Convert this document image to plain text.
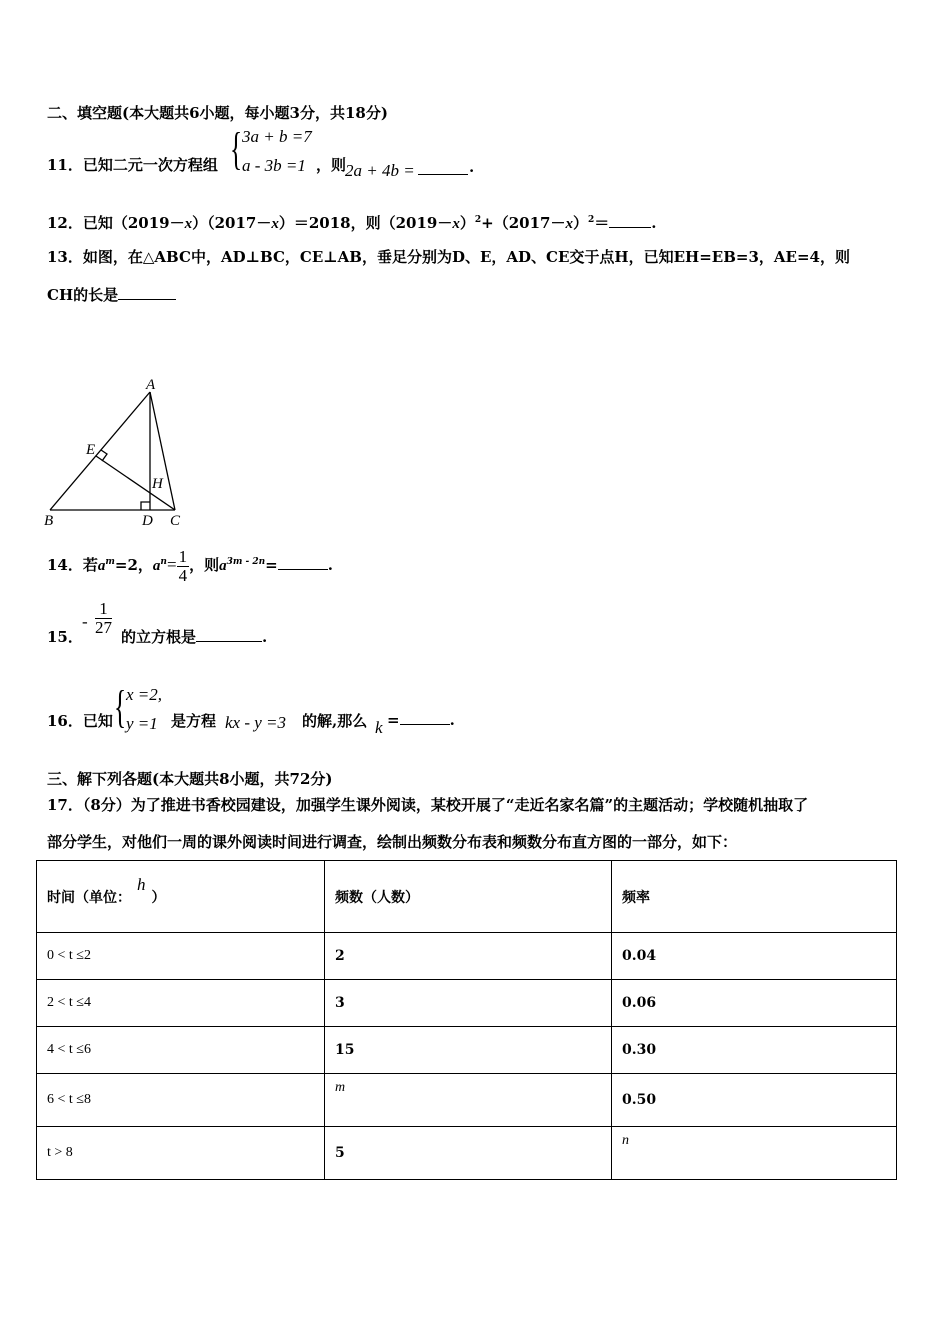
二、填空题(本大题共6小题，每小题3分，共18分)
11．已知二元一次方程组 { 3a + b =7
a - 3b =1 ，则
2a + 4b =	.
12．已知（2019－x）（2017－x）＝2018，则$(2019-x)^2+(2017-x)^2=$	.
13．如图，在△ABC中，AD⊥BC，CE⊥AB，垂足分别为D、E，AD、CE交于点H，已知EH=EB=3，AE=4，则
CH的长是
A
B	C
D
E
H
14．若$a^m=2$，$a^n= \frac{1}{4}$ ，则$a^{3m - 2n}=$	.
15．
- $\frac{1}{27}$ 的立方根是	.
16．已知 { x =2,
y =1 是方程 kx - y =3 的解,那么 k =	.
三、解下列各题(本大题共8小题，共72分)
17．（8分）为了推进书香校园建设，加强学生课外阅读，某校开展了“走近名家名篇”的主题活动；学校随机抽取了
部分学生，对他们一周的课外阅读时间进行调查，绘制出频数分布表和频数分布直方图的一部分，如下：
时间（单位：h）	频数（人数）	频率
0 < t ≤2	2	0.04
2 < t ≤4	3	0.06
4 < t ≤6	15	0.30
6 < t ≤8	m	0.50
t > 8	5	n
